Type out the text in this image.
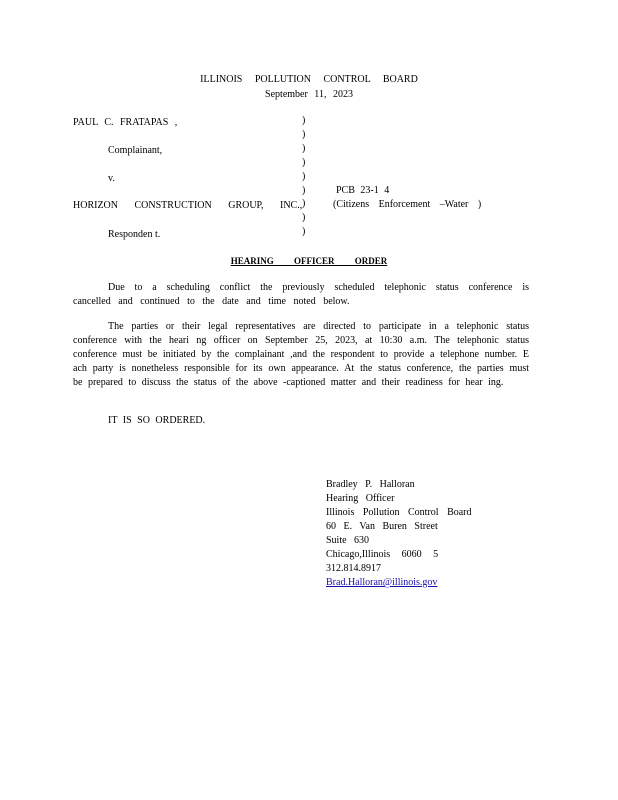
ILLINOIS POLLUTION CONTROL BOARD
September 11, 2023
)
)
)
)
)
)
)
)
)
PAUL C. FRATAPAS ,
Complainant,
v.
HORIZON CONSTRUCTION GROUP, INC.,
Responden t.
PCB 23-1 4
(Citizens Enforcement –Water )
HEARING OFFICER ORDER
Due to a scheduling conflict the previously scheduled telephonic status conference is cancelled and continued to the date and time noted below.
The parties or their legal representatives are directed to participate in a telephonic status conference with the heari ng officer on September 25, 2023, at 10:30 a.m. The telephonic status conference must be initiated by the complainant ,and the respondent to provide a telephone number. E ach party is nonetheless responsible for its own appearance. At the status conference, the parties must be prepared to discuss the status of the above -captioned matter and their readiness for hear ing.
IT IS SO ORDERED.
Bradley P. Halloran
Hearing Officer
Illinois Pollution Control Board
60 E. Van Buren Street
Suite 630
Chicago,Illinois 6060 5
312.814.8917
Brad.Halloran@illinois.gov
